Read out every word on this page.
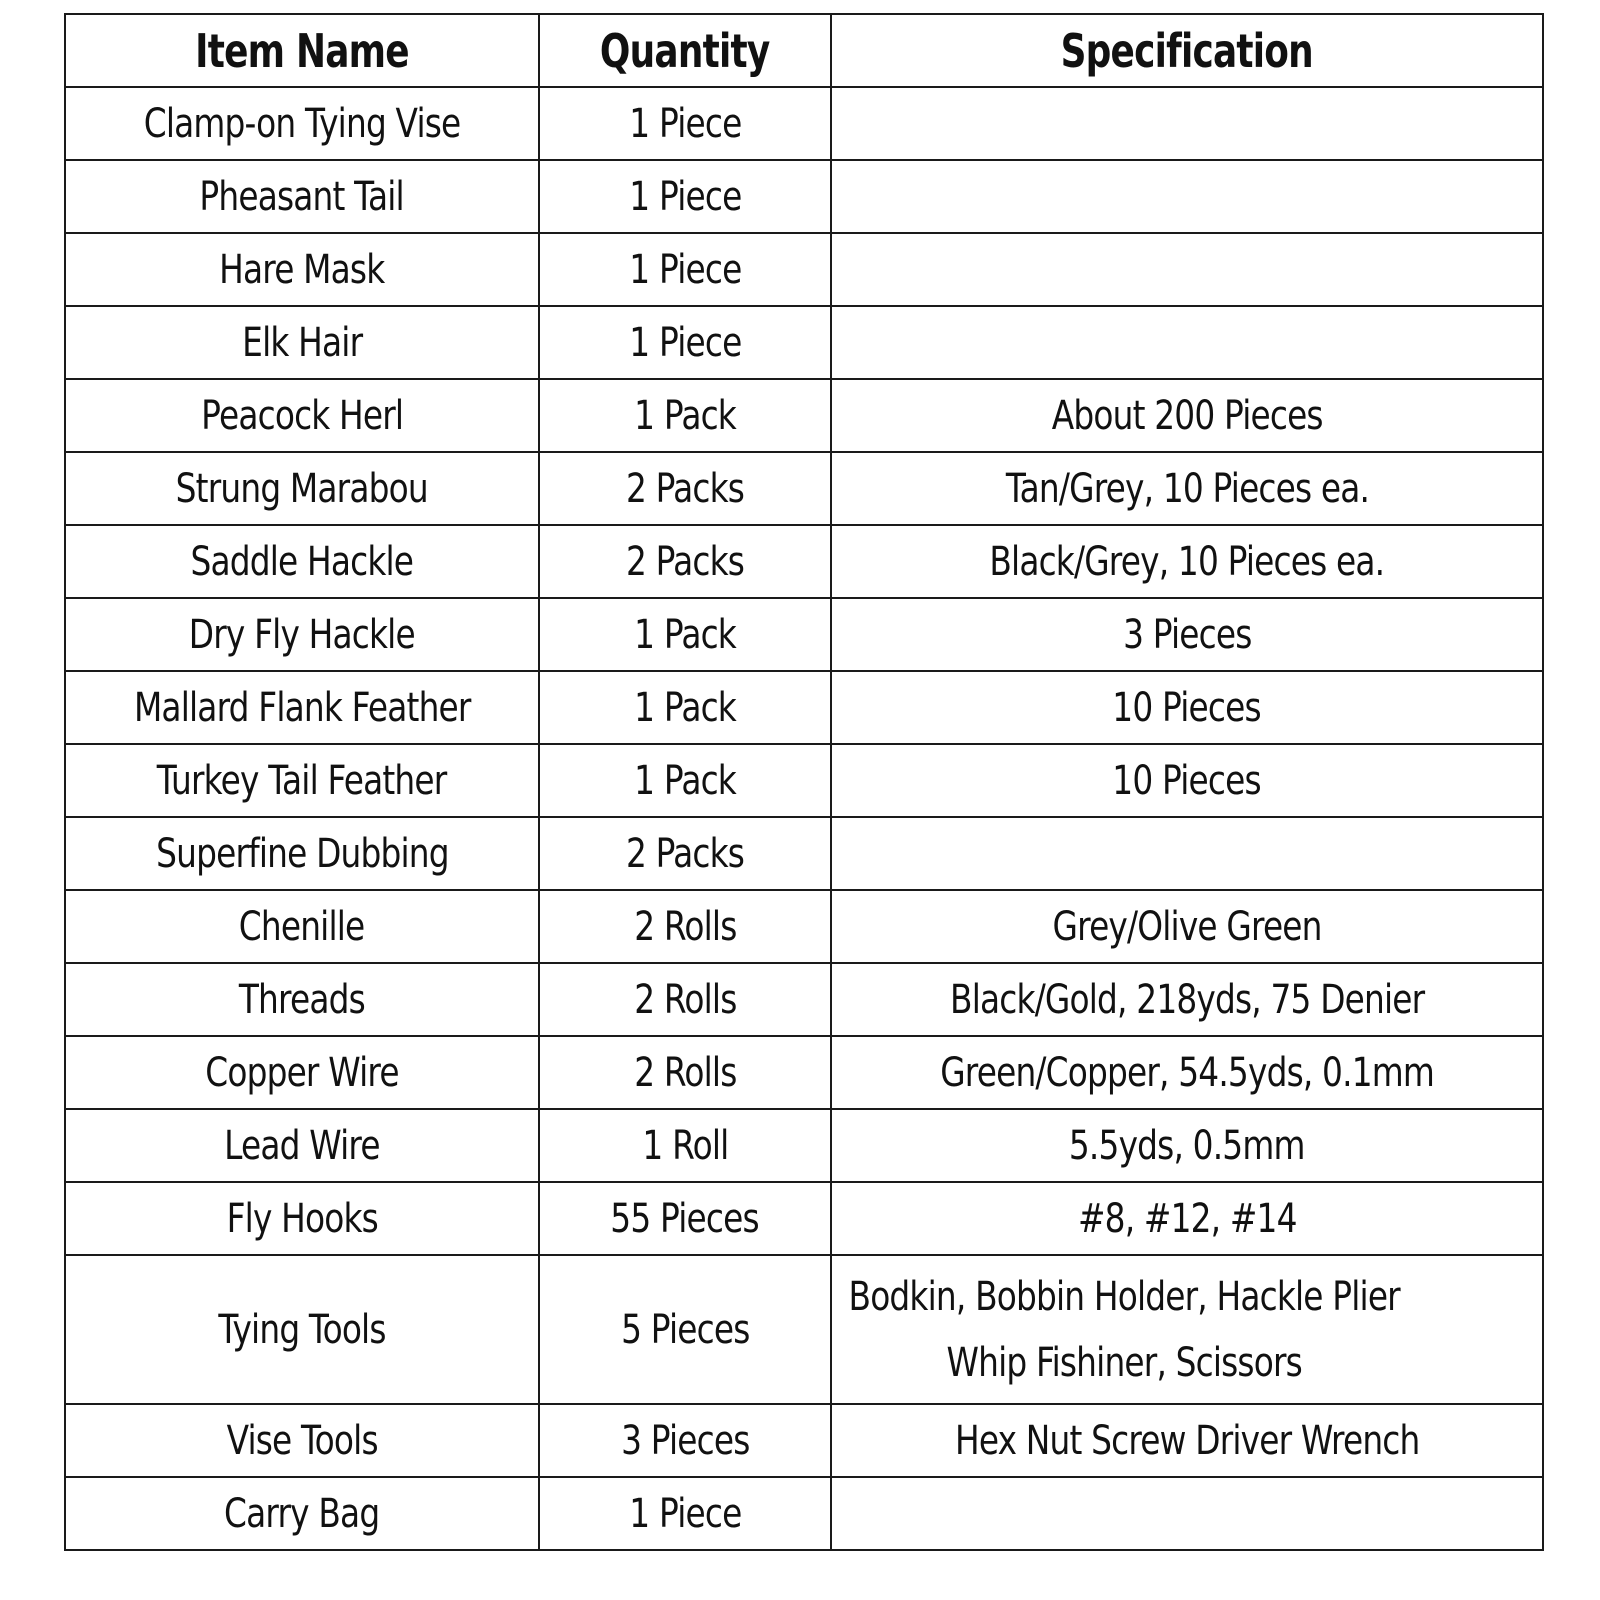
Item Name	Quantity	Specification
Clamp-on Tying Vise	1 Piece	
Pheasant Tail	1 Piece	
Hare Mask	1 Piece	
Elk Hair	1 Piece	
Peacock Herl	1 Pack	About 200 Pieces
Strung Marabou	2 Packs	Tan/Grey, 10 Pieces ea.
Saddle Hackle	2 Packs	Black/Grey, 10 Pieces ea.
Dry Fly Hackle	1 Pack	3 Pieces
Mallard Flank Feather	1 Pack	10 Pieces
Turkey Tail Feather	1 Pack	10 Pieces
Superfine Dubbing	2 Packs	
Chenille	2 Rolls	Grey/Olive Green
Threads	2 Rolls	Black/Gold, 218yds, 75 Denier
Copper Wire	2 Rolls	Green/Copper, 54.5yds, 0.1mm
Lead Wire	1 Roll	5.5yds, 0.5mm
Fly Hooks	55 Pieces	#8, #12, #14
Tying Tools	5 Pieces	Bodkin, Bobbin Holder, Hackle Plier
Whip Fishiner, Scissors

Vise Tools	3 Pieces	Hex Nut Screw Driver Wrench
Carry Bag	1 Piece	
